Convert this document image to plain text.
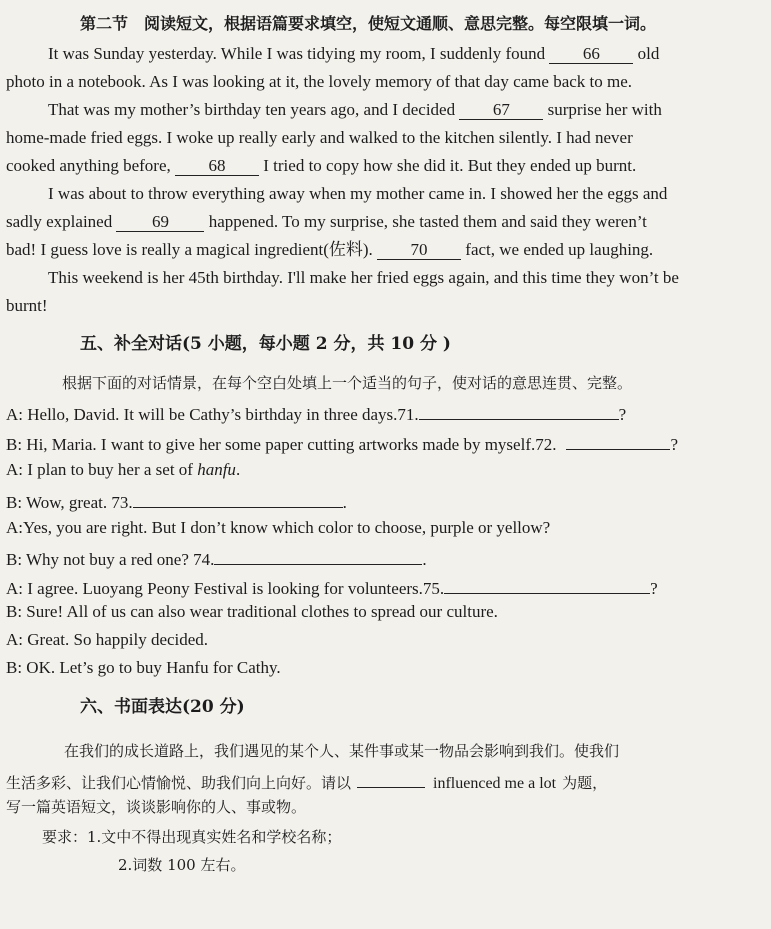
第二节　阅读短文，根据语篇要求填空，使短文通顺、意思完整。每空限填一词。
It was Sunday yesterday. While I was tidying my room, I suddenly found 66 old
photo in a notebook. As I was looking at it, the lovely memory of that day came back to me.
That was my mother’s birthday ten years ago, and I decided 67 surprise her with
home-made fried eggs. I woke up really early and walked to the kitchen silently. I had never
cooked anything before, 68 I tried to copy how she did it. But they ended up burnt.
I was about to throw everything away when my mother came in. I showed her the eggs and
sadly explained 69 happened. To my surprise, she tasted them and said they weren’t
bad! I guess love is really a magical ingredient(佐料). 70 fact, we ended up laughing.
This weekend is her 45th birthday. I'll make her fried eggs again, and this time they won’t be
burnt!
五、补全对话(5 小题，每小题 2 分，共 10 分 )
根据下面的对话情景，在每个空白处填上一个适当的句子，使对话的意思连贯、完整。
A: Hello, David. It will be Cathy’s birthday in three days.71.	?
B: Hi, Maria. I want to give her some paper cutting artworks made by myself.72.	?
A: I plan to buy her a set of hanfu.
B: Wow, great. 73.	.
A:Yes, you are right. But I don’t know which color to choose, purple or yellow?
B: Why not buy a red one? 74.	.
A: I agree. Luoyang Peony Festival is looking for volunteers.75.	?
B: Sure! All of us can also wear traditional clothes to spread our culture.
A: Great. So happily decided.
B: OK. Let’s go to buy Hanfu for Cathy.
六、书面表达(20 分)
在我们的成长道路上，我们遇见的某个人、某件事或某一物品会影响到我们。使我们
生活多彩、让我们心情愉悦、助我们向上向好。请以	influenced me a lot 为题，
写一篇英语短文，谈谈影响你的人、事或物。
要求：1.文中不得出现真实姓名和学校名称；
2.词数 100 左右。
